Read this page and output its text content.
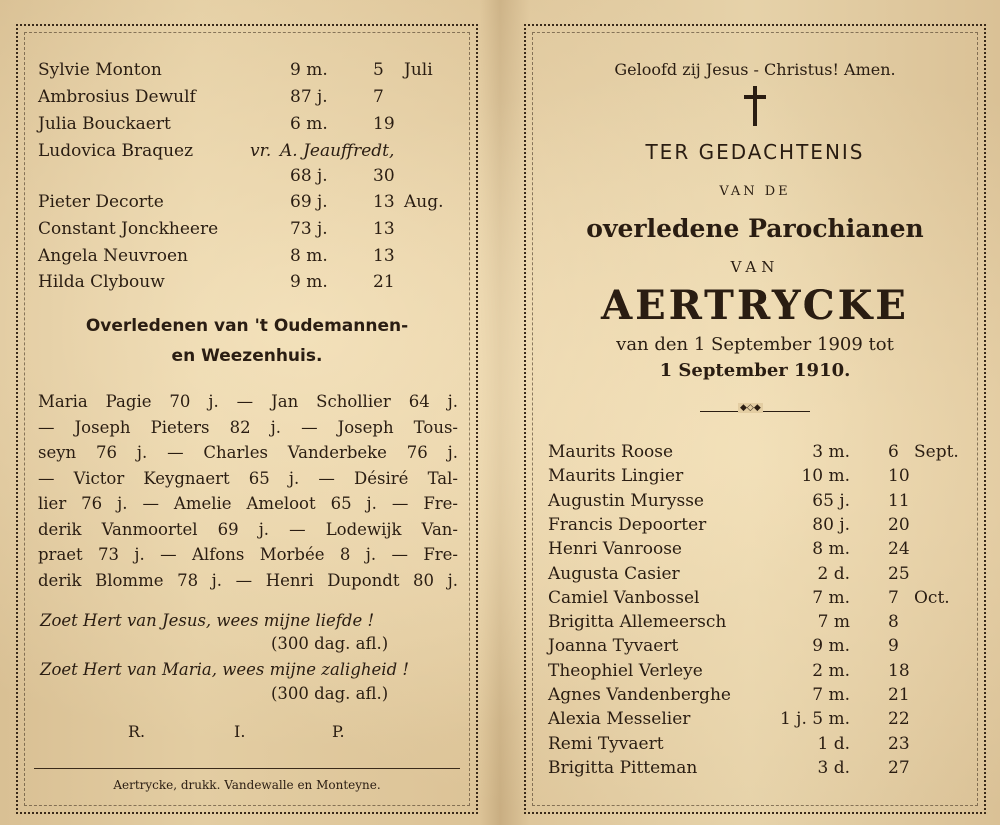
Sylvie Monton	9 m.	5 Juli
Ambrosius Dewulf	87 j.	7
Julia Bouckaert	6 m.	19
Ludovica Braquez	vr. A. Jeauffredt,
68 j.	30
Pieter Decorte	69 j.	13 Aug.
Constant Jonckheere	73 j.	13
Angela Neuvroen	8 m.	13
Hilda Clybouw	9 m.	21
Overledenen van 't Oudemannen-
en Weezenhuis.
Maria Pagie 70 j. — Jan Schollier 64 j.
— Joseph Pieters 82 j. — Joseph Tous-
seyn 76 j. — Charles Vanderbeke 76 j.
— Victor Keygnaert 65 j. — Désiré Tal-
lier 76 j. — Amelie Ameloot 65 j. — Fre-
derik Vanmoortel 69 j. — Lodewijk Van-
praet 73 j. — Alfons Morbée 8 j. — Fre-
derik Blomme 78 j. — Henri Dupondt 80 j.
Zoet Hert van Jesus, wees mijne liefde !
(300 dag. afl.)
Zoet Hert van Maria, wees mijne zaligheid !
(300 dag. afl.)
R.	I.	P.
Aertrycke, drukk. Vandewalle en Monteyne.
Geloofd zij Jesus - Christus! Amen.
TER GEDACHTENIS
VAN DE
overledene Parochianen
VAN
AERTRYCKE
van den 1 September 1909 tot
1 September 1910.
◆◇◆
Maurits Roose	3 m. 6 Sept.
Maurits Lingier	10 m. 10
Augustin Murysse	65 j. 11
Francis Depoorter	80 j. 20
Henri Vanroose	8 m. 24
Augusta Casier	2 d. 25
Camiel Vanbossel	7 m. 7 Oct.
Brigitta Allemeersch	7 m 8
Joanna Tyvaert	9 m. 9
Theophiel Verleye	2 m. 18
Agnes Vandenberghe	7 m. 21
Alexia Messelier	1 j. 5 m. 22
Remi Tyvaert	1 d. 23
Brigitta Pitteman	3 d. 27
